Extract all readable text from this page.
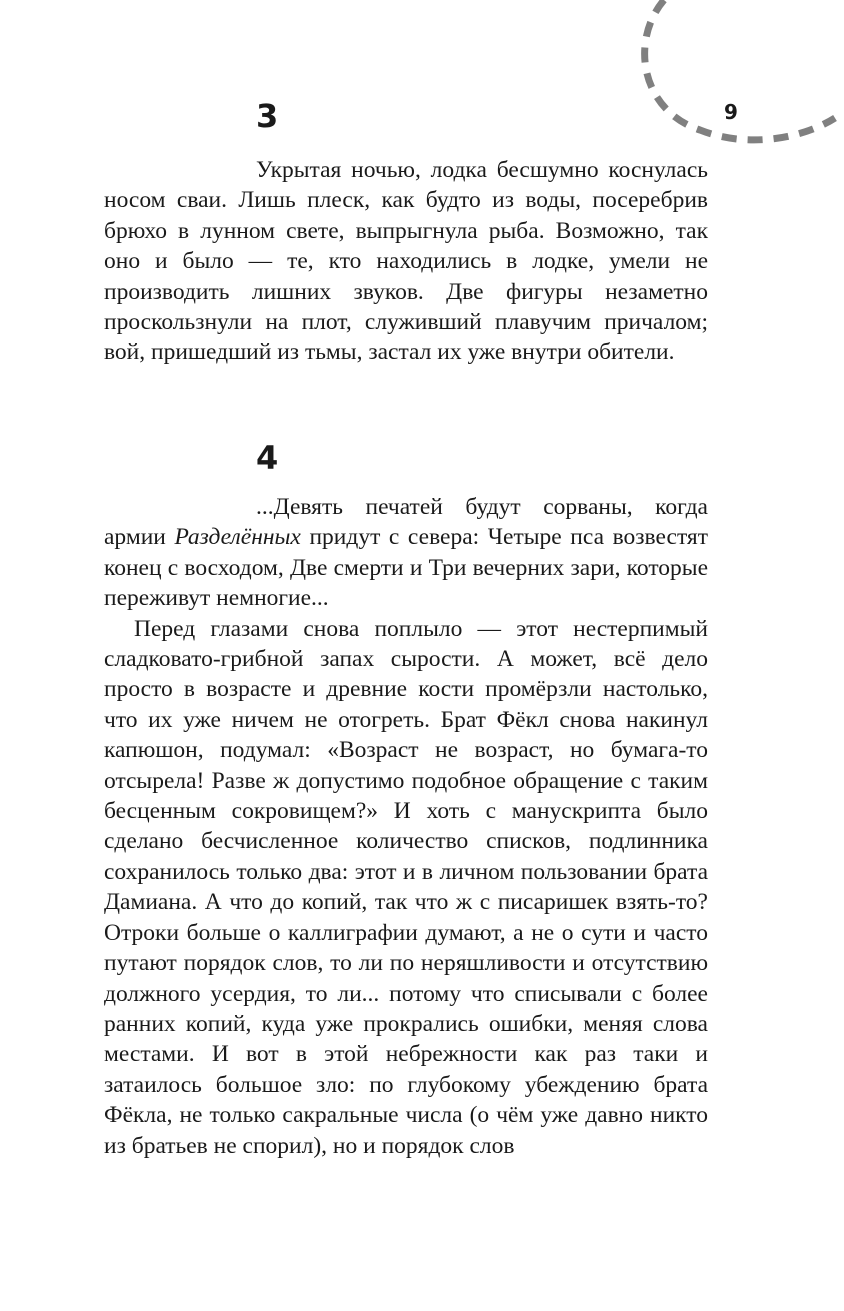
9
3

Укрытая ночью, лодка бесшумно коснулась носом сваи. Лишь плеск, как будто из воды, посеребрив брюхо в лунном свете, выпрыгнула рыба. Возможно, так оно и было — те, кто находились в лодке, умели не производить лишних звуков. Две фигуры незаметно проскользнули на плот, служивший плавучим причалом; вой, пришедший из тьмы, застал их уже внутри обители.

4

...Девять печатей будут сорваны, когда армии Разделённых придут с севера: Четыре пса возвестят конец с восходом, Две смерти и Три вечерних зари, которые переживут немногие...

Перед глазами снова поплыло — этот нестерпимый сладковато-грибной запах сырости. А может, всё дело просто в возрасте и древние кости промёрзли настолько, что их уже ничем не отогреть. Брат Фёкл снова накинул капюшон, подумал: «Возраст не возраст, но бумага-то отсырела! Разве ж допустимо подобное обращение с таким бесценным сокровищем?» И хоть с манускрипта было сделано бесчисленное количество списков, подлинника сохранилось только два: этот и в личном пользовании брата Дамиана. А что до копий, так что ж с писаришек взять-то? Отроки больше о каллиграфии думают, а не о сути и часто путают порядок слов, то ли по неряшливости и отсутствию должного усердия, то ли... потому что списывали с более ранних копий, куда уже прокрались ошибки, меняя слова местами. И вот в этой небрежности как раз таки и затаилось большое зло: по глубокому убеждению брата Фёкла, не только сакральные числа (о чём уже давно никто из братьев не спорил), но и порядок слов
